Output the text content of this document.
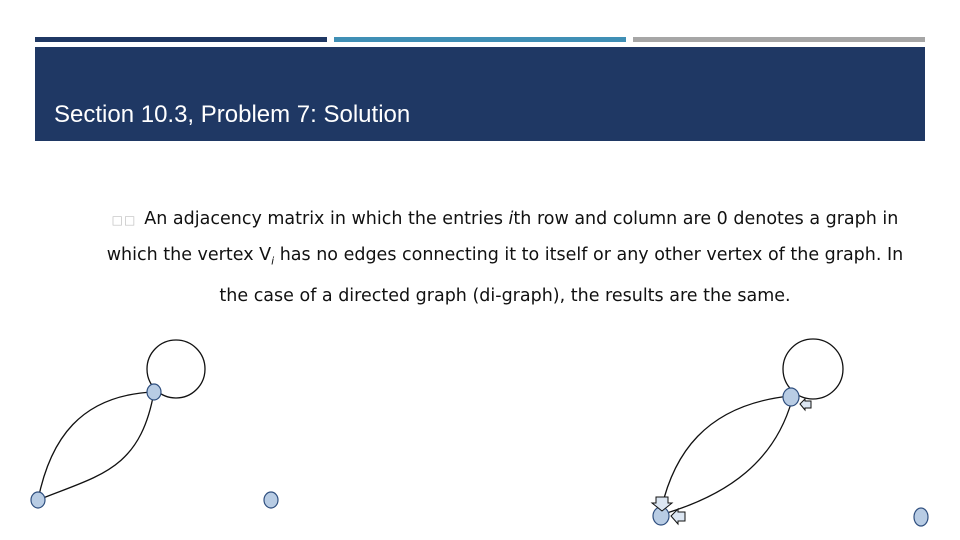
Section 10.3, Problem 7: Solution
□□ An adjacency matrix in which the entries ith row and column are 0 denotes a graph in which the vertex $V_i$ has no edges connecting it to itself or any other vertex of the graph. In the case of a directed graph (di-graph), the results are the same.
